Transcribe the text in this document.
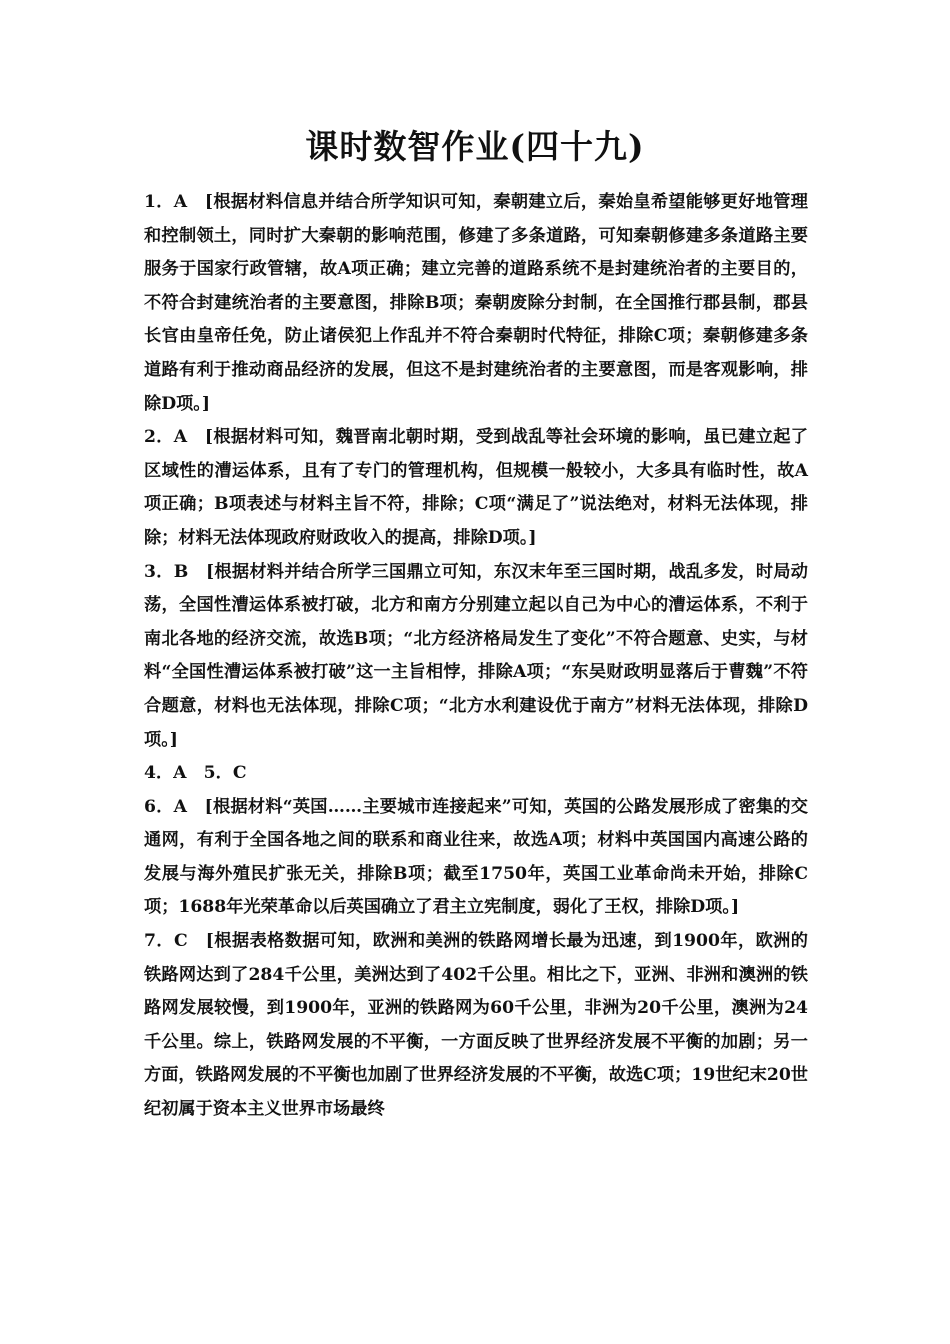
课时数智作业(四十九)

1．A　 [根据材料信息并结合所学知识可知，秦朝建立后，秦始皇希望能够更好地管理和控制领土，同时扩大秦朝的影响范围，修建了多条道路，可知秦朝修建多条道路主要服务于国家行政管辖，故A项正确；建立完善的道路系统不是封建统治者的主要目的，不符合封建统治者的主要意图，排除B项；秦朝废除分封制，在全国推行郡县制，郡县长官由皇帝任免，防止诸侯犯上作乱并不符合秦朝时代特征，排除C项；秦朝修建多条道路有利于推动商品经济的发展，但这不是封建统治者的主要意图，而是客观影响，排除D项。]

2．A　 [根据材料可知，魏晋南北朝时期，受到战乱等社会环境的影响，虽已建立起了区域性的漕运体系，且有了专门的管理机构，但规模一般较小，大多具有临时性，故A项正确；B项表述与材料主旨不符，排除；C项“满足了”说法绝对，材料无法体现，排除；材料无法体现政府财政收入的提高，排除D项。]

3．B　 [根据材料并结合所学三国鼎立可知，东汉末年至三国时期，战乱多发，时局动荡，全国性漕运体系被打破，北方和南方分别建立起以自己为中心的漕运体系，不利于南北各地的经济交流，故选B项；“北方经济格局发生了变化”不符合题意、史实，与材料“全国性漕运体系被打破”这一主旨相悖，排除A项；“东吴财政明显落后于曹魏”不符合题意，材料也无法体现，排除C项；“北方水利建设优于南方”材料无法体现，排除D项。]

4．A　5．C

6．A　 [根据材料“英国……主要城市连接起来”可知，英国的公路发展形成了密集的交通网，有利于全国各地之间的联系和商业往来，故选A项；材料中英国国内高速公路的发展与海外殖民扩张无关，排除B项；截至1750年，英国工业革命尚未开始，排除C项；1688年光荣革命以后英国确立了君主立宪制度，弱化了王权，排除D项。]

7．C　 [根据表格数据可知，欧洲和美洲的铁路网增长最为迅速，到1900年，欧洲的铁路网达到了284千公里，美洲达到了402千公里。相比之下，亚洲、非洲和澳洲的铁路网发展较慢，到1900年，亚洲的铁路网为60千公里，非洲为20千公里，澳洲为24千公里。综上，铁路网发展的不平衡，一方面反映了世界经济发展不平衡的加剧；另一方面，铁路网发展的不平衡也加剧了世界经济发展的不平衡，故选C项；19世纪末20世纪初属于资本主义世界市场最终
